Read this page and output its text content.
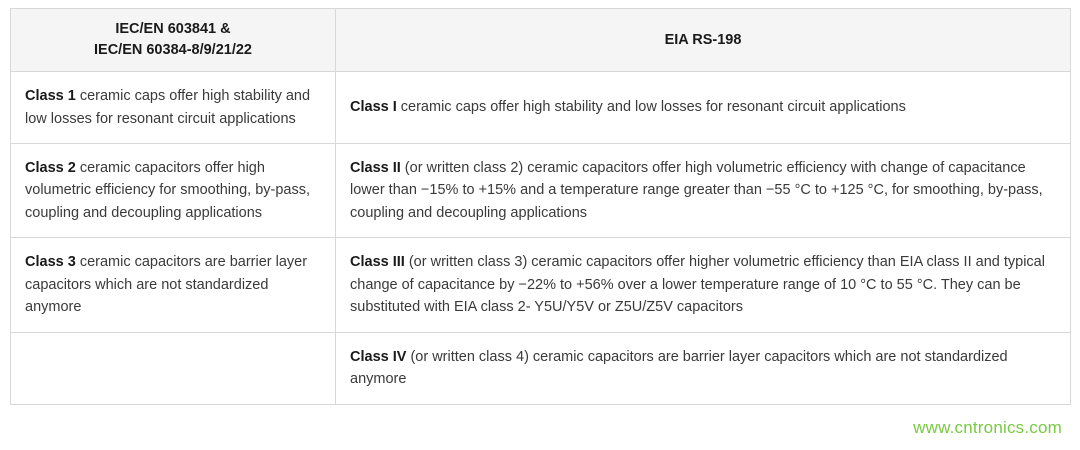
IEC/EN 603841 &
IEC/EN 60384-8/9/21/22	EIA RS-198
Class 1 ceramic caps offer high stability and low losses for resonant circuit applications	Class I ceramic caps offer high stability and low losses for resonant circuit applications
Class 2 ceramic capacitors offer high volumetric efficiency for smoothing, by-pass, coupling and decoupling applications	Class II (or written class 2) ceramic capacitors offer high volumetric efficiency with change of capacitance lower than −15% to +15% and a temperature range greater than −55 °C to +125 °C, for smoothing, by-pass, coupling and decoupling applications
Class 3 ceramic capacitors are barrier layer capacitors which are not standardized anymore	Class III (or written class 3) ceramic capacitors offer higher volumetric efficiency than EIA class II and typical change of capacitance by −22% to +56% over a lower temperature range of 10 °C to 55 °C. They can be substituted with EIA class 2- Y5U/Y5V or Z5U/Z5V capacitors
	Class IV (or written class 4) ceramic capacitors are barrier layer capacitors which are not standardized anymore
www.cntronics.com
